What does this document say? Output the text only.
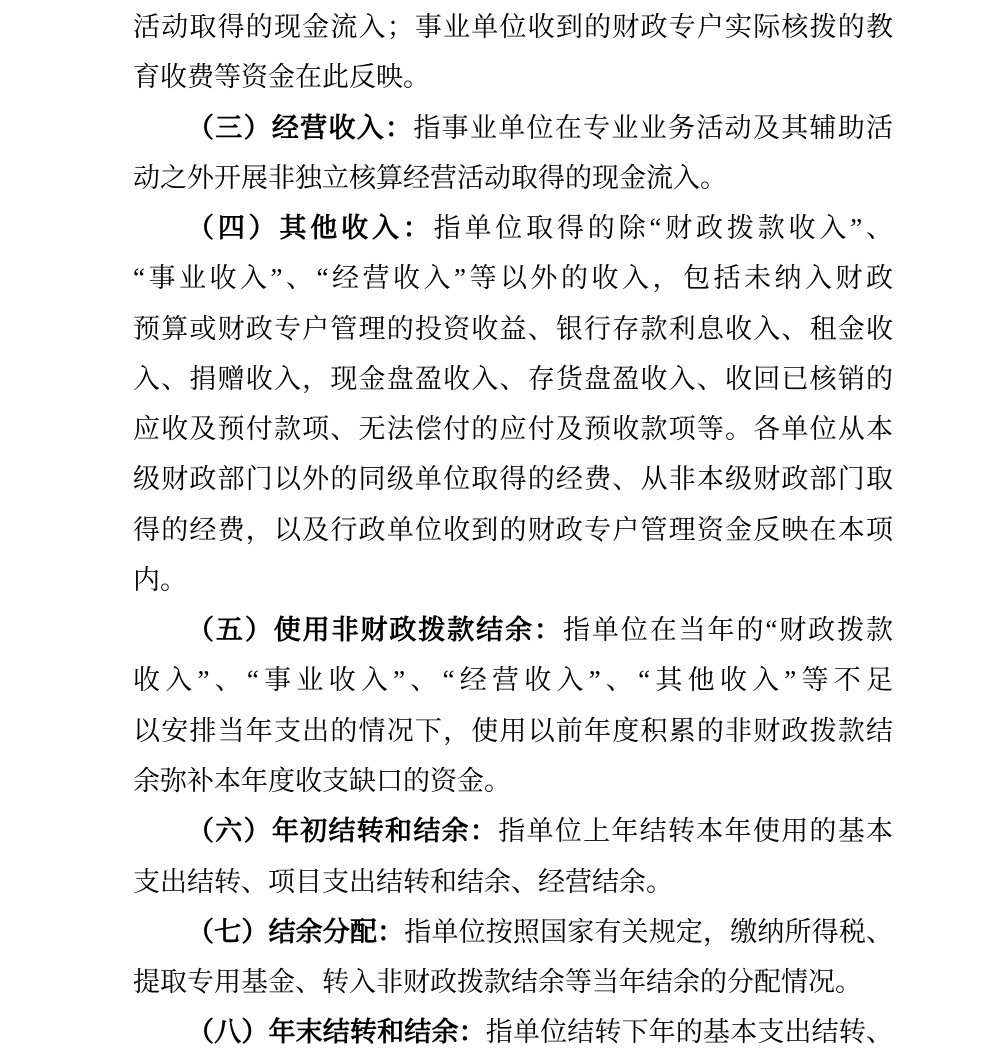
活动取得的现金流入；事业单位收到的财政专户实际核拨的教
育收费等资金在此反映。
（三）经营收入：指事业单位在专业业务活动及其辅助活
动之外开展非独立核算经营活动取得的现金流入。
（四）其他收入：指单位取得的除“财政拨款收入”、
“事业收入”、“经营收入”等以外的收入，包括未纳入财政
预算或财政专户管理的投资收益、银行存款利息收入、租金收
入、捐赠收入，现金盘盈收入、存货盘盈收入、收回已核销的
应收及预付款项、无法偿付的应付及预收款项等。各单位从本
级财政部门以外的同级单位取得的经费、从非本级财政部门取
得的经费，以及行政单位收到的财政专户管理资金反映在本项
内。
（五）使用非财政拨款结余：指单位在当年的“财政拨款
收入”、“事业收入”、“经营收入”、“其他收入”等不足
以安排当年支出的情况下，使用以前年度积累的非财政拨款结
余弥补本年度收支缺口的资金。
（六）年初结转和结余：指单位上年结转本年使用的基本
支出结转、项目支出结转和结余、经营结余。
（七）结余分配：指单位按照国家有关规定，缴纳所得税、
提取专用基金、转入非财政拨款结余等当年结余的分配情况。
（八）年末结转和结余：指单位结转下年的基本支出结转、
